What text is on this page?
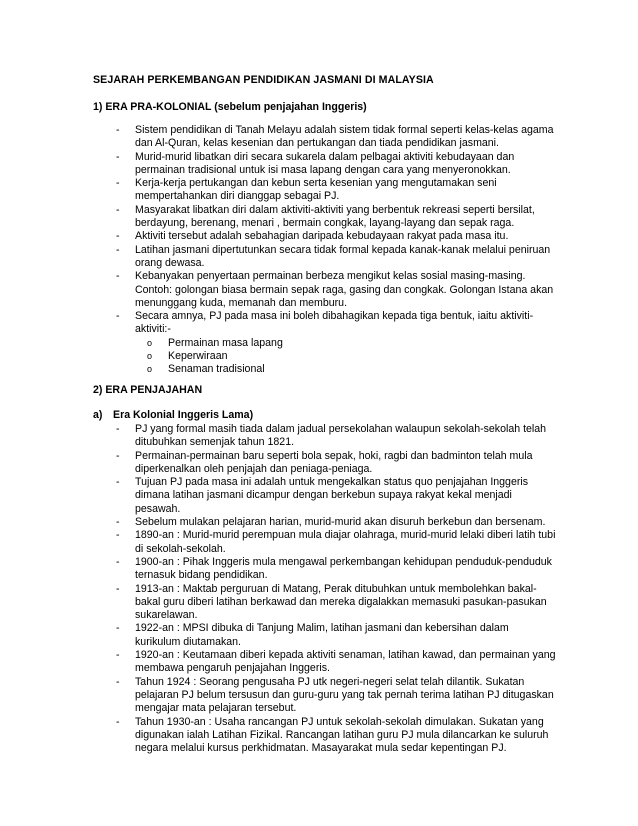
SEJARAH PERKEMBANGAN PENDIDIKAN JASMANI DI MALAYSIA
1) ERA PRA-KOLONIAL (sebelum penjajahan Inggeris)
- Sistem pendidikan di Tanah Melayu adalah sistem tidak formal seperti kelas-kelas agama dan Al-Quran, kelas kesenian dan pertukangan dan tiada pendidikan jasmani.
- Murid-murid libatkan diri secara sukarela dalam pelbagai aktiviti kebudayaan dan permainan tradisional untuk isi masa lapang dengan cara yang menyeronokkan.
- Kerja-kerja pertukangan dan kebun serta kesenian yang mengutamakan seni mempertahankan diri dianggap sebagai PJ.
- Masyarakat libatkan diri dalam aktiviti-aktiviti yang berbentuk rekreasi seperti bersilat, berdayung, berenang, menari , bermain congkak, layang-layang dan sepak raga.
- Aktiviti tersebut adalah sebahagian daripada kebudayaan rakyat pada masa itu.
- Latihan jasmani dipertutunkan secara tidak formal kepada kanak-kanak melalui peniruan orang dewasa.
- Kebanyakan penyertaan permainan berbeza mengikut kelas sosial masing-masing. Contoh: golongan biasa bermain sepak raga, gasing dan congkak. Golongan Istana akan menunggang kuda, memanah dan memburu.
- Secara amnya, PJ pada masa ini boleh dibahagikan kepada tiga bentuk, iaitu aktiviti-aktiviti:-
o Permainan masa lapang
o Keperwiraan
o Senaman tradisional
2) ERA PENJAJAHAN
a) Era Kolonial Inggeris Lama)
- PJ yang formal masih tiada dalam jadual persekolahan walaupun sekolah-sekolah telah ditubuhkan semenjak tahun 1821.
- Permainan-permainan baru seperti bola sepak, hoki, ragbi dan badminton telah mula diperkenalkan oleh penjajah dan peniaga-peniaga.
- Tujuan PJ pada masa ini adalah untuk mengekalkan status quo penjajahan Inggeris dimana latihan jasmani dicampur dengan berkebun supaya rakyat kekal menjadi pesawah.
- Sebelum mulakan pelajaran harian, murid-murid akan disuruh berkebun dan bersenam.
- 1890-an : Murid-murid perempuan mula diajar olahraga, murid-murid lelaki diberi latih tubi di sekolah-sekolah.
- 1900-an : Pihak Inggeris mula mengawal perkembangan kehidupan penduduk-penduduk ternasuk bidang pendidikan.
- 1913-an : Maktab perguruan di Matang, Perak ditubuhkan untuk membolehkan bakal-bakal guru diberi latihan berkawad dan mereka digalakkan memasuki pasukan-pasukan sukarelawan.
- 1922-an : MPSI dibuka di Tanjung Malim, latihan jasmani dan kebersihan dalam kurikulum diutamakan.
- 1920-an : Keutamaan diberi kepada aktiviti senaman, latihan kawad, dan permainan yang membawa pengaruh penjajahan Inggeris.
- Tahun 1924 : Seorang pengusaha PJ utk negeri-negeri selat telah dilantik. Sukatan pelajaran PJ belum tersusun dan guru-guru yang tak pernah terima latihan PJ ditugaskan mengajar mata pelajaran tersebut.
- Tahun 1930-an : Usaha rancangan PJ untuk sekolah-sekolah dimulakan. Sukatan yang digunakan ialah Latihan Fizikal. Rancangan latihan guru PJ mula dilancarkan ke suluruh negara melalui kursus perkhidmatan. Masayarakat mula sedar kepentingan PJ.
